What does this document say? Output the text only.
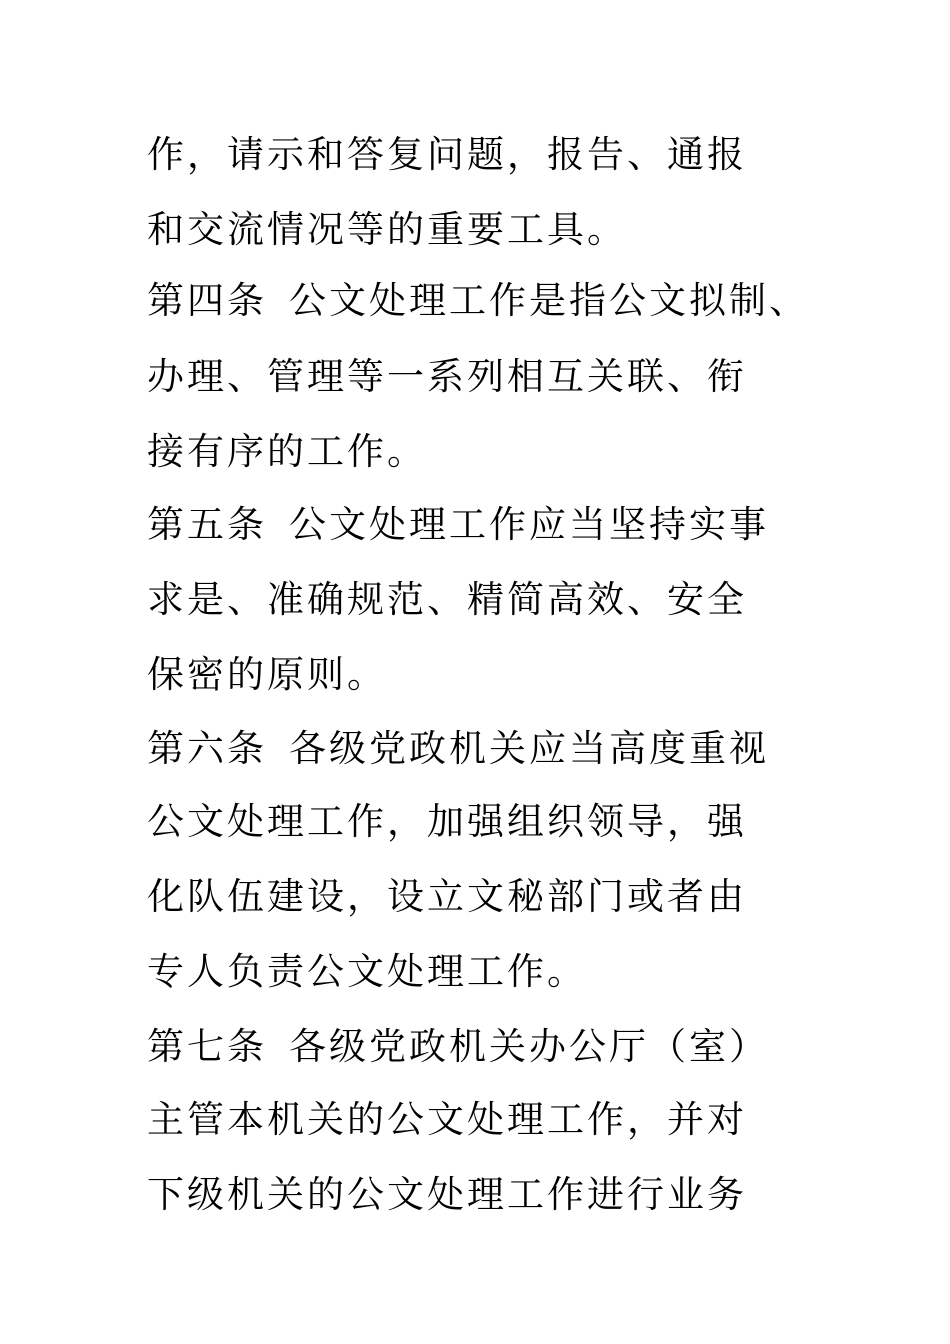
作，请示和答复问题，报告、通报
和交流情况等的重要工具。
第四条 公文处理工作是指公文拟制、
办理、管理等一系列相互关联、衔
接有序的工作。
第五条 公文处理工作应当坚持实事
求是、准确规范、精简高效、安全
保密的原则。
第六条 各级党政机关应当高度重视
公文处理工作，加强组织领导，强
化队伍建设，设立文秘部门或者由
专人负责公文处理工作。
第七条 各级党政机关办公厅（室）
主管本机关的公文处理工作，并对
下级机关的公文处理工作进行业务
